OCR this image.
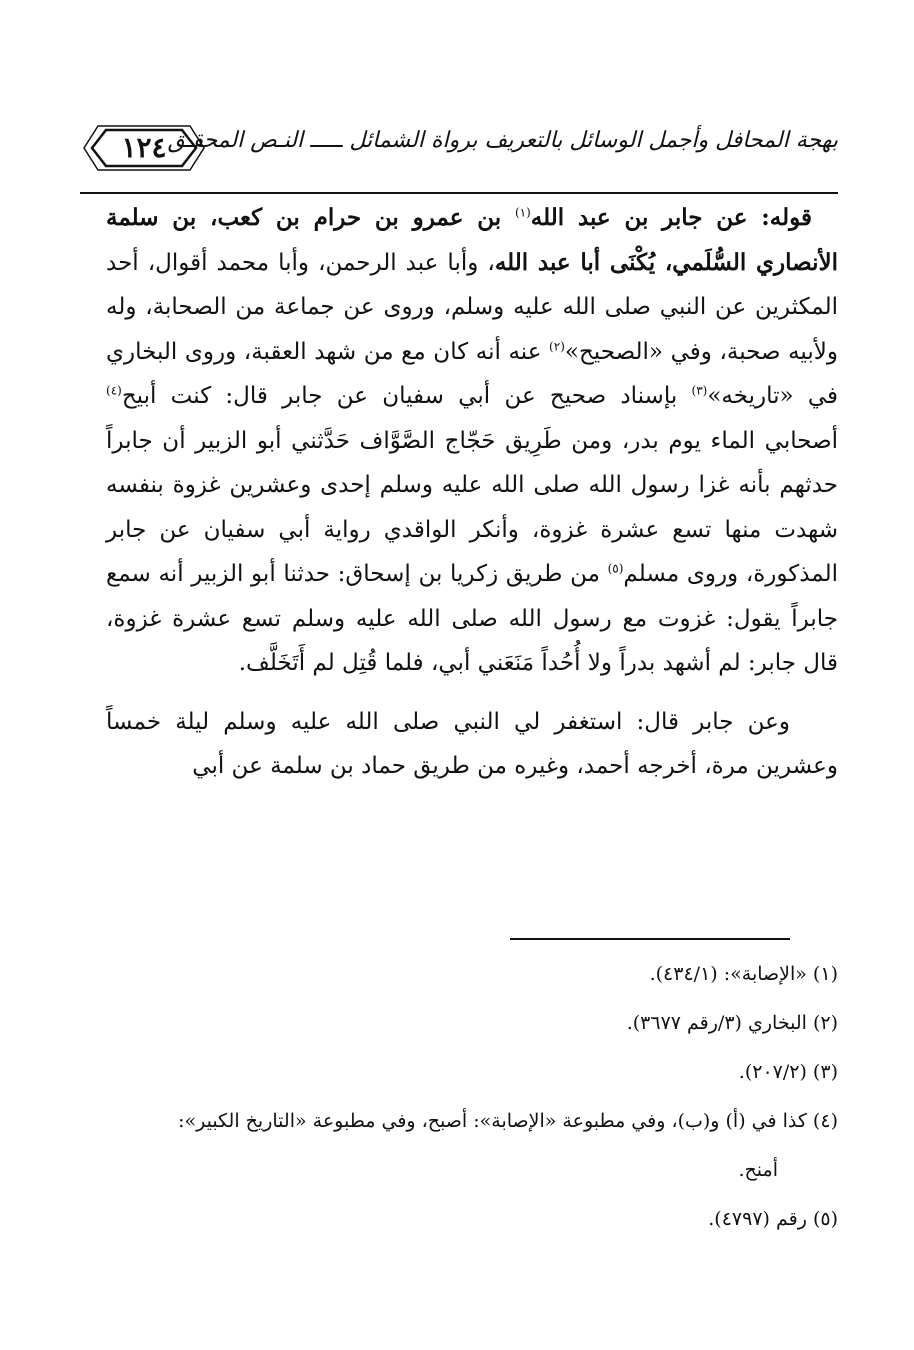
بهجة المحافل وأجمل الوسائل بالتعريف برواة الشمائل ـــــ النـص المحقـق
١٢٤

قوله: عن جابر بن عبد الله$^{(١)}$ بن عمرو بن حرام بن كعب، بن سلمة الأنصاري السُّلَمي، يُكْنَى أبا عبد الله، وأبا عبد الرحمن، وأبا محمد أقوال، أحد المكثرين عن النبي صلى الله عليه وسلم، وروى عن جماعة من الصحابة، وله ولأبيه صحبة، وفي «الصحيح»$^{(٢)}$ عنه أنه كان مع من شهد العقبة، وروى البخاري في «تاريخه»$^{(٣)}$ بإسناد صحيح عن أبي سفيان عن جابر قال: كنت أبيح$^{(٤)}$ أصحابي الماء يوم بدر، ومن طَرِيق حَجّاج الصَّوَّاف حَدَّثني أبو الزبير أن جابراً حدثهم بأنه غزا رسول الله صلى الله عليه وسلم إحدى وعشرين غزوة بنفسه شهدت منها تسع عشرة غزوة، وأنكر الواقدي رواية أبي سفيان عن جابر المذكورة، وروى مسلم$^{(٥)}$ من طريق زكريا بن إسحاق: حدثنا أبو الزبير أنه سمع جابراً يقول: غزوت مع رسول الله صلى الله عليه وسلم تسع عشرة غزوة، قال جابر: لم أشهد بدراً ولا أُحُداً مَنَعَني أبي، فلما قُتِل لم أَتَخَلَّف.

وعن جابر قال: استغفر لي النبي صلى الله عليه وسلم ليلة خمساً وعشرين مرة، أخرجه أحمد، وغيره من طريق حماد بن سلمة عن أبي

(١) «الإصابة»: (٤٣٤/١).

(٢) البخاري (٣/رقم ٣٦٧٧).

(٣) (٢٠٧/٢).

(٤) كذا في (أ) و(ب)، وفي مطبوعة «الإصابة»: أصبح، وفي مطبوعة «التاريخ الكبير»:

أمنح.

(٥) رقم (٤٧٩٧).
